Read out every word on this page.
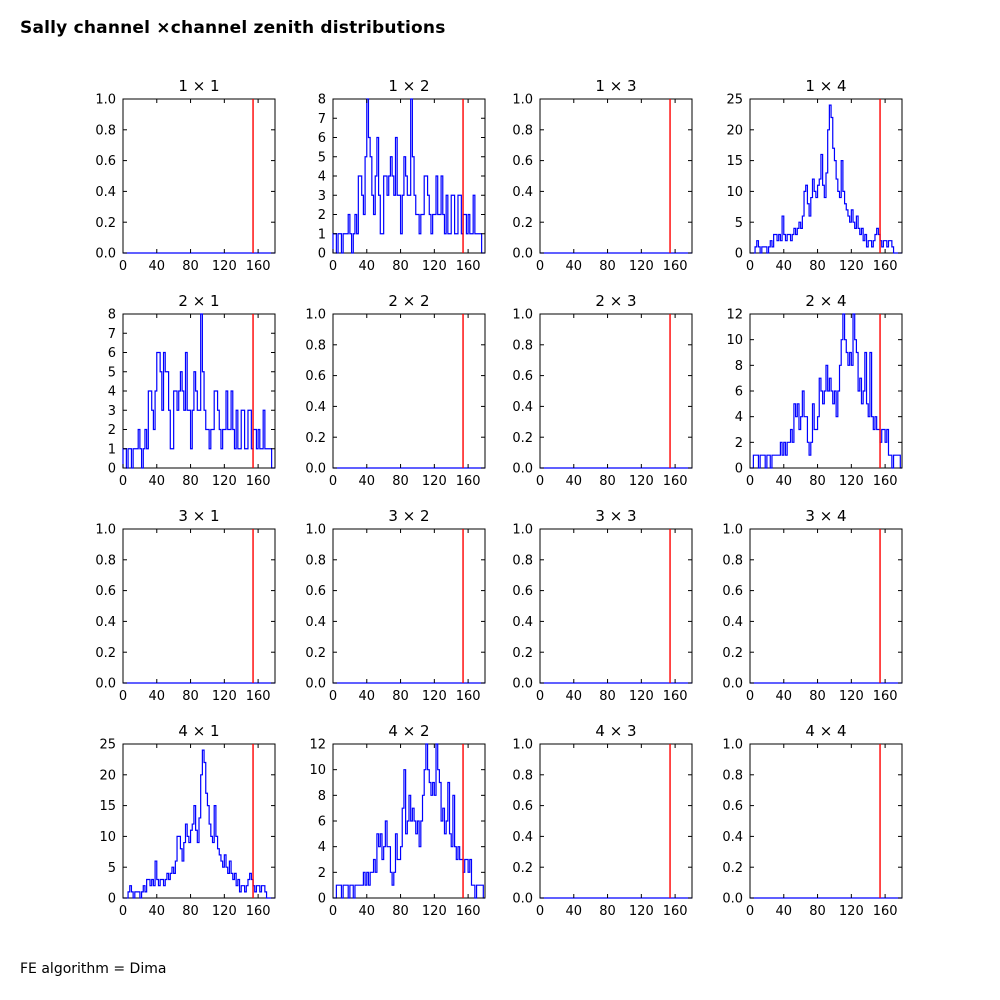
Sally channel ×channel zenith distributions
1 × 1
0 40 80 120 160
0.0
0.2
0.4
0.6
0.8
1.0
1 × 2
0 40 80 120 160
0
1
2
3
4
5
6
7
8
1 × 3
0 40 80 120 160
0.0
0.2
0.4
0.6
0.8
1.0
1 × 4
0 40 80 120 160
0
5
10
15
20
25
2 × 1
0 40 80 120 160
0
1
2
3
4
5
6
7
8
2 × 2
0 40 80 120 160
0.0
0.2
0.4
0.6
0.8
1.0
2 × 3
0 40 80 120 160
0.0
0.2
0.4
0.6
0.8
1.0
2 × 4
0 40 80 120 160
0
2
4
6
8
10
12
3 × 1
0 40 80 120 160
0.0
0.2
0.4
0.6
0.8
1.0
3 × 2
0 40 80 120 160
0.0
0.2
0.4
0.6
0.8
1.0
3 × 3
0 40 80 120 160
0.0
0.2
0.4
0.6
0.8
1.0
3 × 4
0 40 80 120 160
0.0
0.2
0.4
0.6
0.8
1.0
4 × 1
0 40 80 120 160
0
5
10
15
20
25
4 × 2
0 40 80 120 160
0
2
4
6
8
10
12
4 × 3
0 40 80 120 160
0.0
0.2
0.4
0.6
0.8
1.0
4 × 4
0 40 80 120 160
0.0
0.2
0.4
0.6
0.8
1.0
FE algorithm = Dima
